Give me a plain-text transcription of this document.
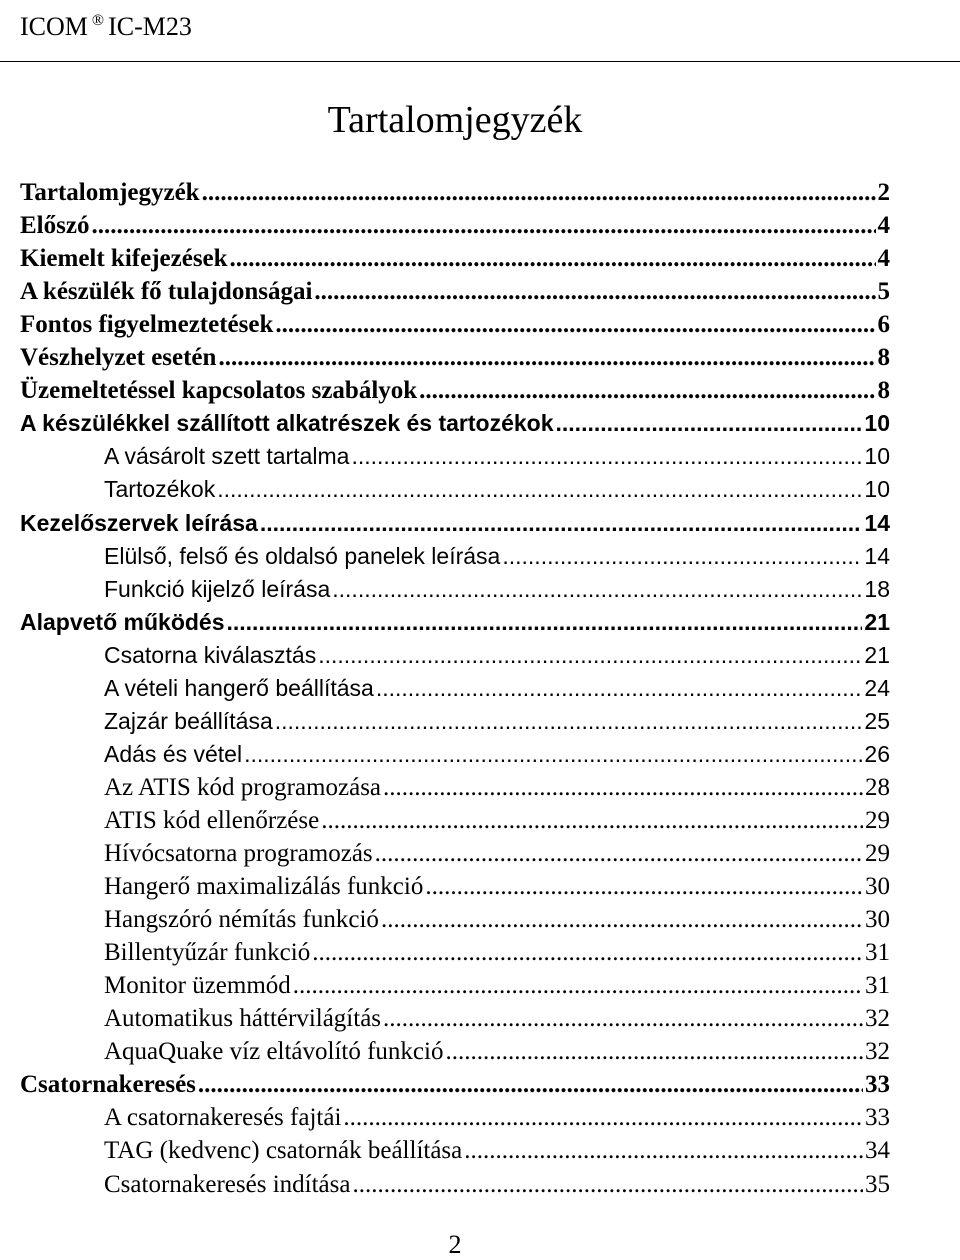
ICOM ® IC-M23
Tartalomjegyzék
Tartalomjegyzék .....	2
Előszó .....	4
Kiemelt kifejezések .....	4
A készülék fő tulajdonságai .....	5
Fontos figyelmeztetések .....	6
Vészhelyzet esetén .....	8
Üzemeltetéssel kapcsolatos szabályok .....	8
A készülékkel szállított alkatrészek és tartozékok .....	10
A vásárolt szett tartalma .....	10
Tartozékok .....	10
Kezelőszervek leírása .....	14
Elülső, felső és oldalsó panelek leírása .....	14
Funkció kijelző leírása .....	18
Alapvető működés .....	21
Csatorna kiválasztás .....	21
A vételi hangerő beállítása .....	24
Zajzár beállítása .....	25
Adás és vétel .....	26
Az ATIS kód programozása .....	28
ATIS kód ellenőrzése .....	29
Hívócsatorna programozás .....	29
Hangerő maximalizálás funkció .....	30
Hangszóró némítás funkció .....	30
Billentyűzár funkció .....	31
Monitor üzemmód .....	31
Automatikus háttérvilágítás .....	32
AquaQuake víz eltávolító funkció .....	32
Csatornakeresés .....	33
A csatornakeresés fajtái .....	33
TAG (kedvenc) csatornák beállítása .....	34
Csatornakeresés indítása .....	35
2
